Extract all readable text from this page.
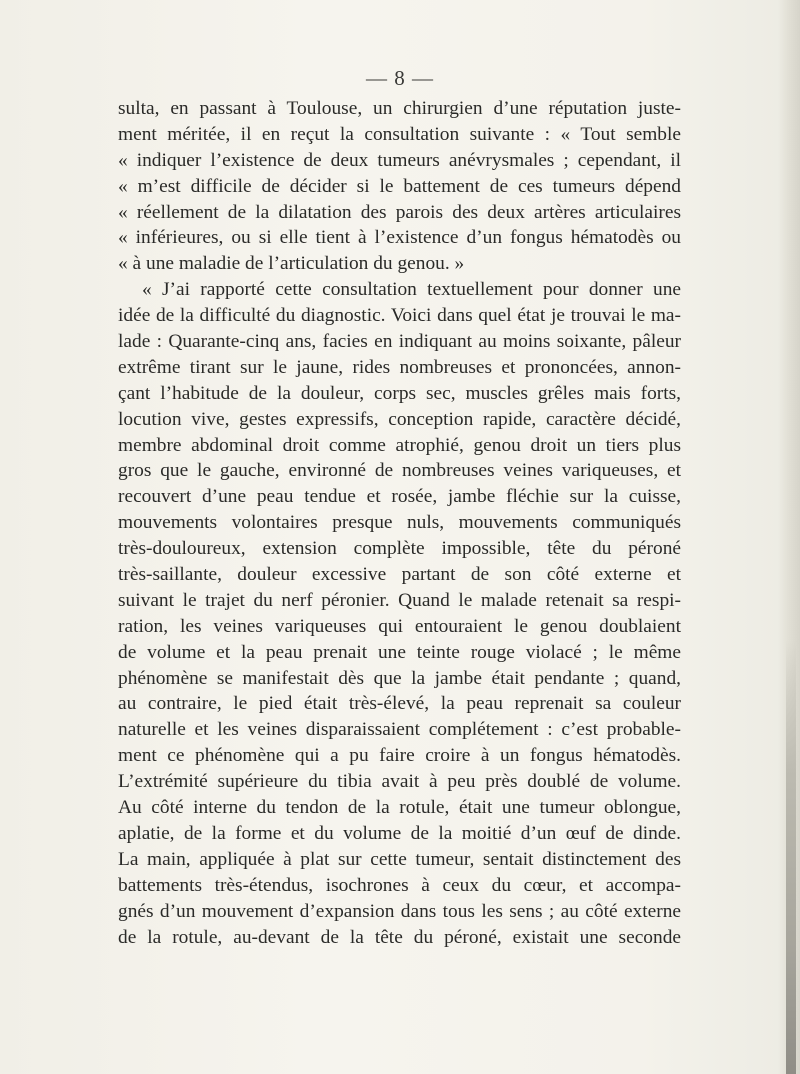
— 8 —
sulta, en passant à Toulouse, un chirurgien d’une réputation juste-
ment méritée, il en reçut la consultation suivante : « Tout semble
« indiquer l’existence de deux tumeurs anévrysmales ; cependant, il
« m’est difficile de décider si le battement de ces tumeurs dépend
« réellement de la dilatation des parois des deux artères articulaires
« inférieures, ou si elle tient à l’existence d’un fongus hématodès ou
« à une maladie de l’articulation du genou. »
« J’ai rapporté cette consultation textuellement pour donner une
idée de la difficulté du diagnostic. Voici dans quel état je trouvai le ma-
lade : Quarante-cinq ans, facies en indiquant au moins soixante, pâleur
extrême tirant sur le jaune, rides nombreuses et prononcées, annon-
çant l’habitude de la douleur, corps sec, muscles grêles mais forts,
locution vive, gestes expressifs, conception rapide, caractère décidé,
membre abdominal droit comme atrophié, genou droit un tiers plus
gros que le gauche, environné de nombreuses veines variqueuses, et
recouvert d’une peau tendue et rosée, jambe fléchie sur la cuisse,
mouvements volontaires presque nuls, mouvements communiqués
très-douloureux, extension complète impossible, tête du péroné
très-saillante, douleur excessive partant de son côté externe et
suivant le trajet du nerf péronier. Quand le malade retenait sa respi-
ration, les veines variqueuses qui entouraient le genou doublaient
de volume et la peau prenait une teinte rouge violacé ; le même
phénomène se manifestait dès que la jambe était pendante ; quand,
au contraire, le pied était très-élevé, la peau reprenait sa couleur
naturelle et les veines disparaissaient complétement : c’est probable-
ment ce phénomène qui a pu faire croire à un fongus hématodès.
L’extrémité supérieure du tibia avait à peu près doublé de volume.
Au côté interne du tendon de la rotule, était une tumeur oblongue,
aplatie, de la forme et du volume de la moitié d’un œuf de dinde.
La main, appliquée à plat sur cette tumeur, sentait distinctement des
battements très-étendus, isochrones à ceux du cœur, et accompa-
gnés d’un mouvement d’expansion dans tous les sens ; au côté externe
de la rotule, au-devant de la tête du péroné, existait une seconde
